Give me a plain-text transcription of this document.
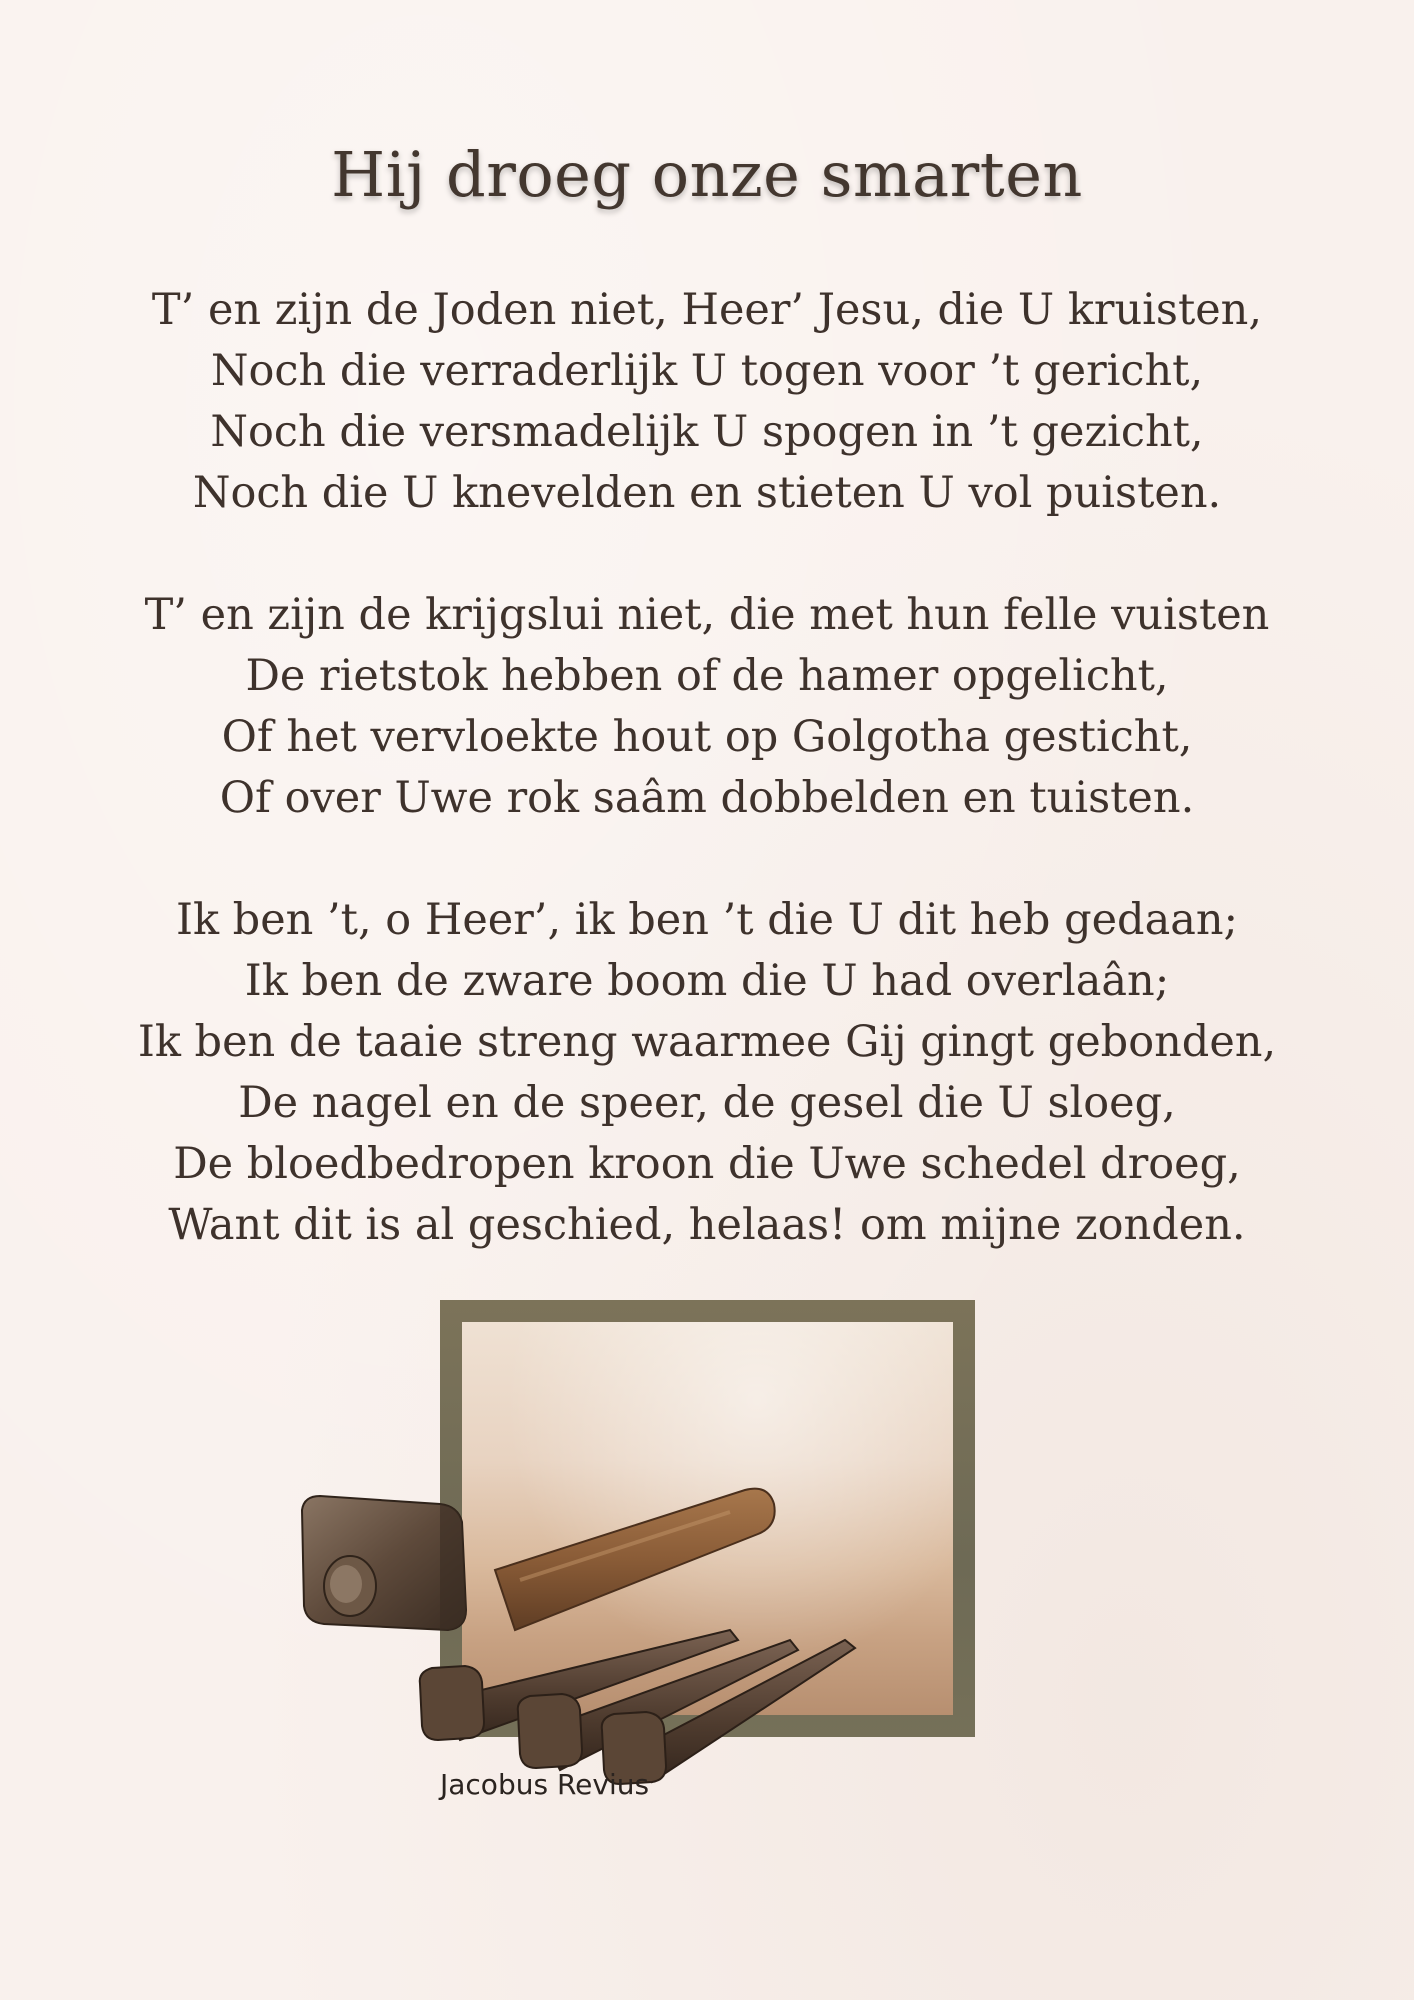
Hij droeg onze smarten
T’ en zijn de Joden niet, Heer’ Jesu, die U kruisten,
Noch die verraderlijk U togen voor ’t gericht,
Noch die versmadelijk U spogen in ’t gezicht,
Noch die U knevelden en stieten U vol puisten.
T’ en zijn de krijgslui niet, die met hun felle vuisten
De rietstok hebben of de hamer opgelicht,
Of het vervloekte hout op Golgotha gesticht,
Of over Uwe rok saâm dobbelden en tuisten.
Ik ben ’t, o Heer’, ik ben ’t die U dit heb gedaan;
Ik ben de zware boom die U had overlaân;
Ik ben de taaie streng waarmee Gij gingt gebonden,
De nagel en de speer, de gesel die U sloeg,
De bloedbedropen kroon die Uwe schedel droeg,
Want dit is al geschied, helaas! om mijne zonden.
Jacobus Revius
